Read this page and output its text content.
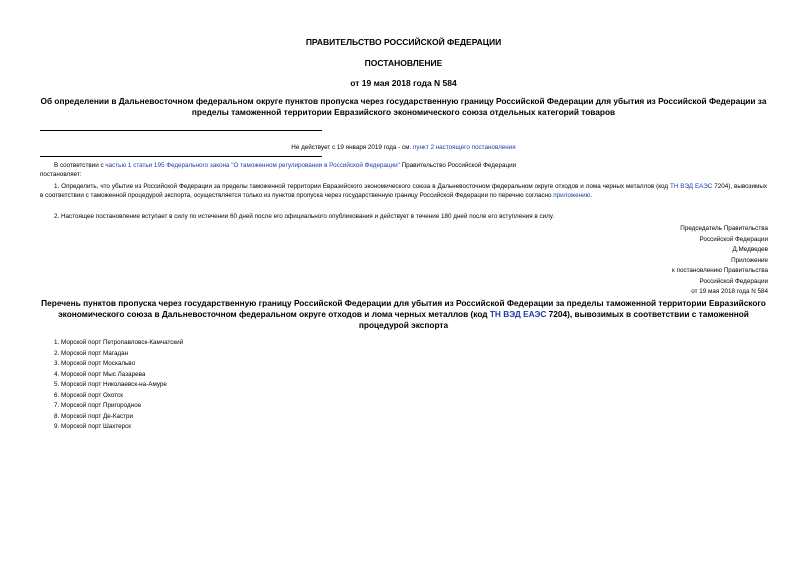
ПРАВИТЕЛЬСТВО РОССИЙСКОЙ ФЕДЕРАЦИИ
ПОСТАНОВЛЕНИЕ
от 19 мая 2018 года N 584
Об определении в Дальневосточном федеральном округе пунктов пропуска через государственную границу Российской Федерации для убытия из Российской Федерации за пределы таможенной территории Евразийского экономического союза отдельных категорий товаров
Не действует с 19 января 2019 года - см. пункт 2 настоящего постановления
В соответствии с частью 1 статьи 195 Федерального закона "О таможенном регулировании в Российской Федерации" Правительство Российской Федерации
постановляет:
1. Определить, что убытие из Российской Федерации за пределы таможенной территории Евразийского экономического союза в Дальневосточном федеральном округе отходов и лома черных металлов (код ТН ВЭД ЕАЭС 7204), вывозимых в соответствии с таможенной процедурой экспорта, осуществляется только из пунктов пропуска через государственную границу Российской Федерации по перечню согласно приложению.
2. Настоящее постановление вступает в силу по истечении 60 дней после его официального опубликования и действует в течение 180 дней после его вступления в силу.
Председатель Правительства
Российской Федерации
Д.Медведев
Приложение
к постановлению Правительства
Российской Федерации
от 19 мая 2018 года N 584
Перечень пунктов пропуска через государственную границу Российской Федерации для убытия из Российской Федерации за пределы таможенной территории Евразийского экономического союза в Дальневосточном федеральном округе отходов и лома черных металлов (код ТН ВЭД ЕАЭС 7204), вывозимых в соответствии с таможенной процедурой экспорта
1. Морской порт Петропавловск-Камчатский
2. Морской порт Магадан
3. Морской порт Москальво
4. Морской порт Мыс Лазарева
5. Морской порт Николаевск-на-Амуре
6. Морской порт Охотск
7. Морской порт Пригородное
8. Морской порт Де-Кастри
9. Морской порт Шахтерск
